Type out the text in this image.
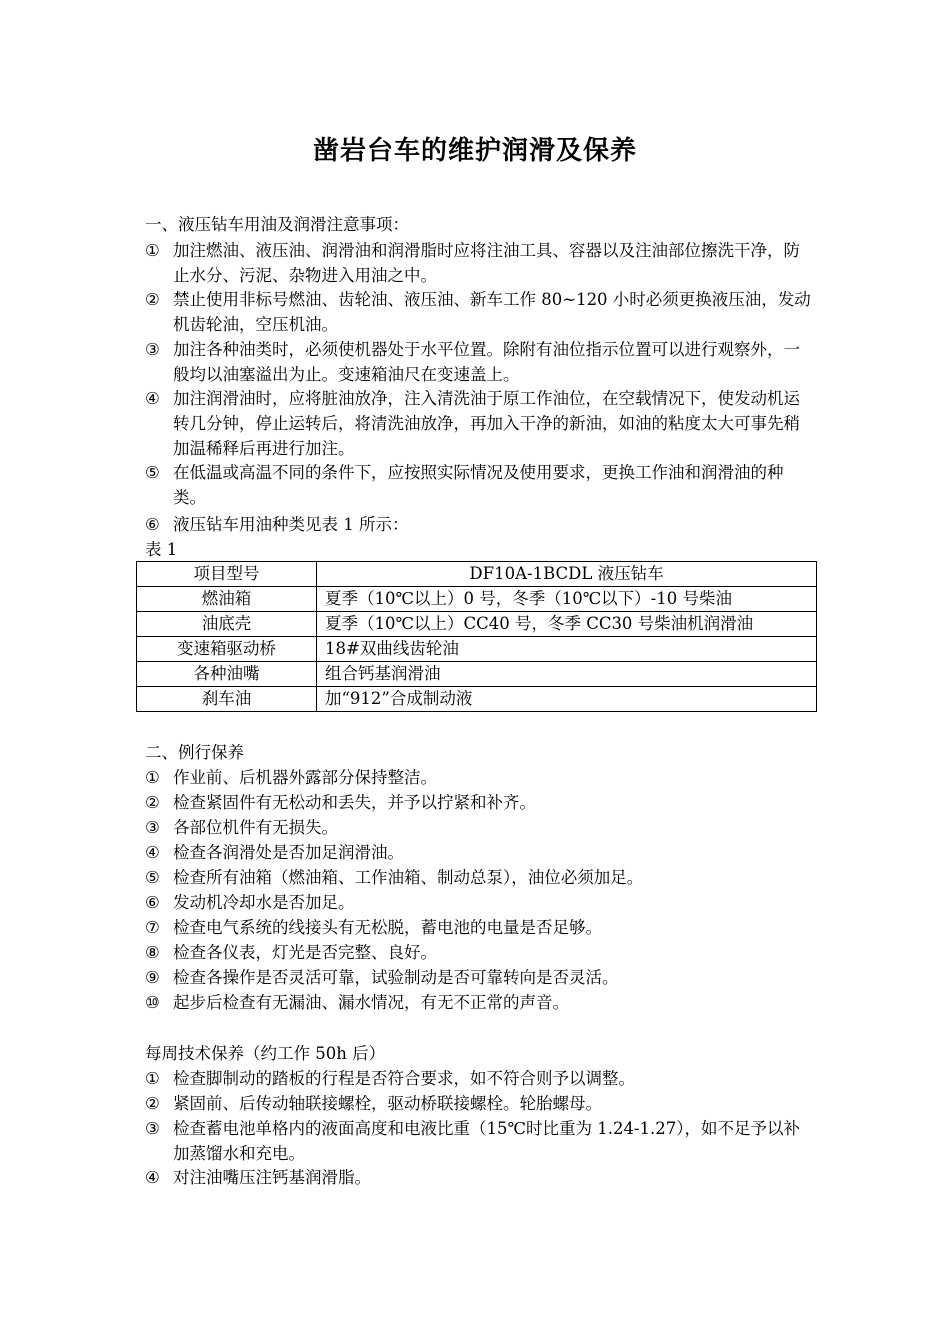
凿岩台车的维护润滑及保养
一、液压钻车用油及润滑注意事项：
① 加注燃油、液压油、润滑油和润滑脂时应将注油工具、容器以及注油部位擦洗干净，防止水分、污泥、杂物进入用油之中。
② 禁止使用非标号燃油、齿轮油、液压油、新车工作 80~120 小时必须更换液压油，发动机齿轮油，空压机油。
③ 加注各种油类时，必须使机器处于水平位置。除附有油位指示位置可以进行观察外，一般均以油塞溢出为止。变速箱油尺在变速盖上。
④ 加注润滑油时，应将脏油放净，注入清洗油于原工作油位，在空载情况下，使发动机运转几分钟，停止运转后，将清洗油放净，再加入干净的新油，如油的粘度太大可事先稍加温稀释后再进行加注。
⑤ 在低温或高温不同的条件下，应按照实际情况及使用要求，更换工作油和润滑油的种类。
⑥ 液压钻车用油种类见表 1 所示：
表 1
项目型号	DF10A-1BCDL 液压钻车
燃油箱	夏季（10℃以上）0 号，冬季（10℃以下）-10 号柴油
油底壳	夏季（10℃以上）CC40 号，冬季 CC30 号柴油机润滑油
变速箱驱动桥	18#双曲线齿轮油
各种油嘴	组合钙基润滑油
刹车油	加“912”合成制动液
二、例行保养
① 作业前、后机器外露部分保持整洁。
② 检查紧固件有无松动和丢失，并予以拧紧和补齐。
③ 各部位机件有无损失。
④ 检查各润滑处是否加足润滑油。
⑤ 检查所有油箱（燃油箱、工作油箱、制动总泵），油位必须加足。
⑥ 发动机冷却水是否加足。
⑦ 检查电气系统的线接头有无松脱，蓄电池的电量是否足够。
⑧ 检查各仪表，灯光是否完整、良好。
⑨ 检查各操作是否灵活可靠，试验制动是否可靠转向是否灵活。
⑩ 起步后检查有无漏油、漏水情况，有无不正常的声音。
每周技术保养（约工作 50h 后）
① 检查脚制动的踏板的行程是否符合要求，如不符合则予以调整。
② 紧固前、后传动轴联接螺栓，驱动桥联接螺栓。轮胎螺母。
③ 检查蓄电池单格内的液面高度和电液比重（15℃时比重为 1.24-1.27），如不足予以补加蒸馏水和充电。
④ 对注油嘴压注钙基润滑脂。
